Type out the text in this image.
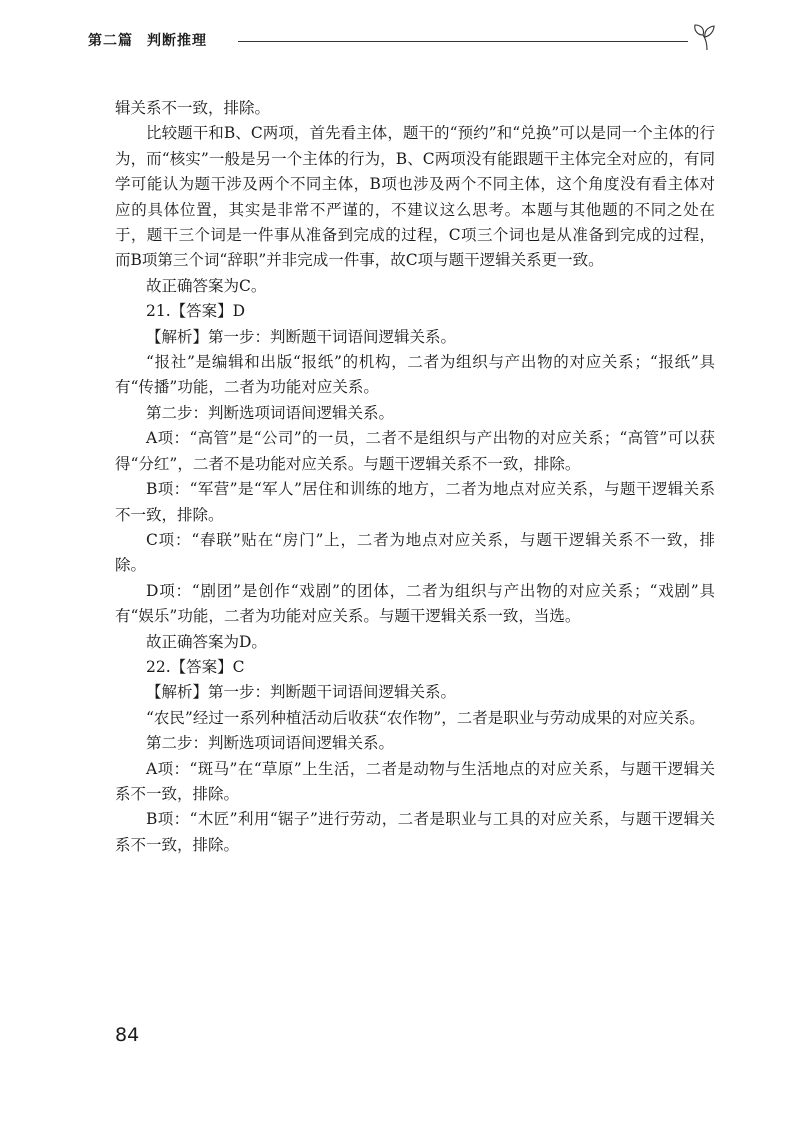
第二篇 判断推理

辑关系不一致，排除。

比较题干和B、C两项，首先看主体，题干的“预约”和“兑换”可以是同一个主体的行为，而“核实”一般是另一个主体的行为，B、C两项没有能跟题干主体完全对应的，有同学可能认为题干涉及两个不同主体，B项也涉及两个不同主体，这个角度没有看主体对应的具体位置，其实是非常不严谨的，不建议这么思考。本题与其他题的不同之处在于，题干三个词是一件事从准备到完成的过程，C项三个词也是从准备到完成的过程，而B项第三个词“辞职”并非完成一件事，故C项与题干逻辑关系更一致。

故正确答案为C。

21.【答案】D

【解析】第一步：判断题干词语间逻辑关系。

“报社”是编辑和出版“报纸”的机构，二者为组织与产出物的对应关系；“报纸”具有“传播”功能，二者为功能对应关系。

第二步：判断选项词语间逻辑关系。

A项：“高管”是“公司”的一员，二者不是组织与产出物的对应关系；“高管”可以获得“分红”，二者不是功能对应关系。与题干逻辑关系不一致，排除。

B项：“军营”是“军人”居住和训练的地方，二者为地点对应关系，与题干逻辑关系不一致，排除。

C项：“春联”贴在“房门”上，二者为地点对应关系，与题干逻辑关系不一致，排除。

D项：“剧团”是创作“戏剧”的团体，二者为组织与产出物的对应关系；“戏剧”具有“娱乐”功能，二者为功能对应关系。与题干逻辑关系一致，当选。

故正确答案为D。

22.【答案】C

【解析】第一步：判断题干词语间逻辑关系。

“农民”经过一系列种植活动后收获“农作物”，二者是职业与劳动成果的对应关系。

第二步：判断选项词语间逻辑关系。

A项：“斑马”在“草原”上生活，二者是动物与生活地点的对应关系，与题干逻辑关系不一致，排除。

B项：“木匠”利用“锯子”进行劳动，二者是职业与工具的对应关系，与题干逻辑关系不一致，排除。

84
